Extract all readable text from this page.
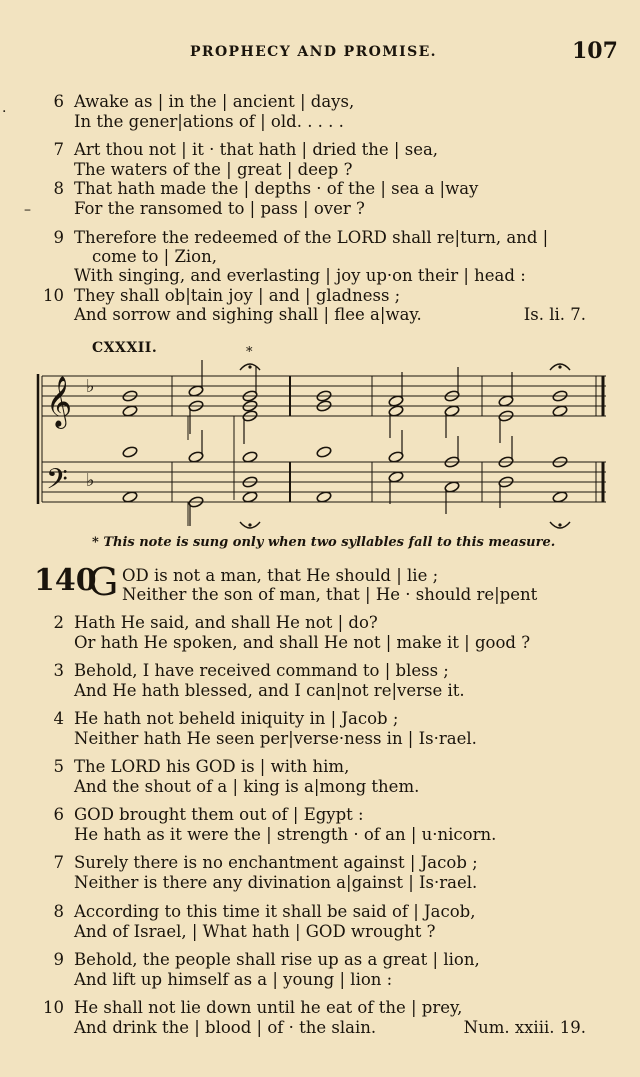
PROPHECY AND PROMISE.	107
6 Awake as | in the | ancient | days,
In the gener|ations of | old. . . . .
7 Art thou not | it · that hath | dried the | sea,
The waters of the | great | deep ?
8 That hath made the | depths · of the | sea a |way
For the ransomed to | pass | over ?
9 Therefore the redeemed of the LORD shall re|turn, and |
come to | Zion,
With singing, and everlasting | joy up·on their | head :
10 They shall ob|tain joy | and | gladness ;
And sorrow and sighing shall | flee a|way.	Is. li. 7.
·
–
CXXXII.
𝄞 ♭
𝄢 ♭
*
* This note is sung only when two syllables fall to this measure.
140
G OD is not a man, that He should | lie ;
Neither the son of man, that | He · should re|pent
2 Hath He said, and shall He not | do?
Or hath He spoken, and shall He not | make it | good ?
3 Behold, I have received command to | bless ;
And He hath blessed, and I can|not re|verse it.
4 He hath not beheld iniquity in | Jacob ;
Neither hath He seen per|verse·ness in | Is·rael.
5 The LORD his GOD is | with him,
And the shout of a | king is a|mong them.
6 GOD brought them out of | Egypt :
He hath as it were the | strength · of an | u·nicorn.
7 Surely there is no enchantment against | Jacob ;
Neither is there any divination a|gainst | Is·rael.
8 According to this time it shall be said of | Jacob,
And of Israel, | What hath | GOD wrought ?
9 Behold, the people shall rise up as a great | lion,
And lift up himself as a | young | lion :
10 He shall not lie down until he eat of the | prey,
And drink the | blood | of · the slain.	Num. xxiii. 19.
